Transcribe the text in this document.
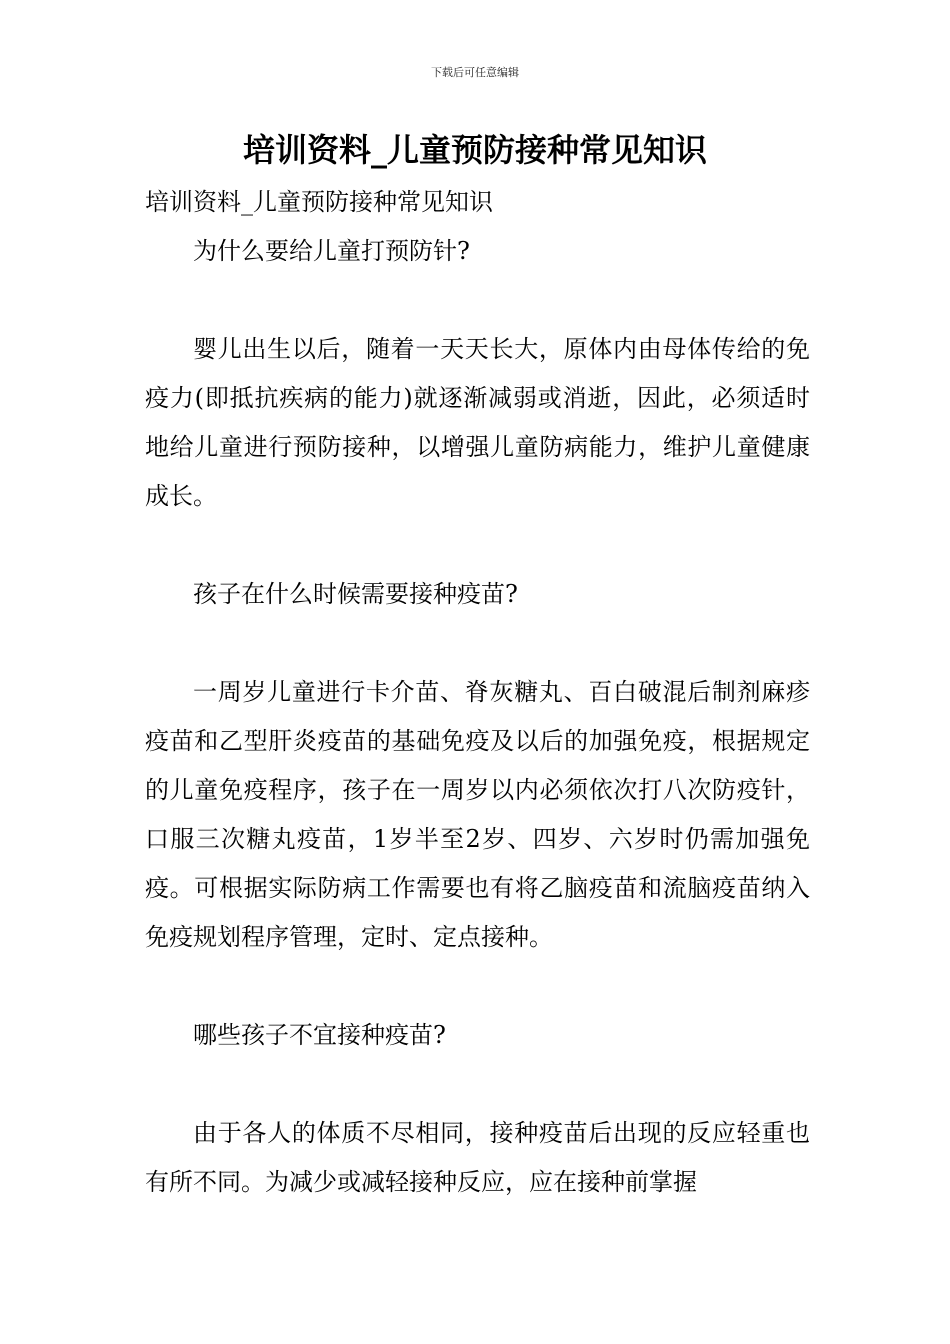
下载后可任意编辑
培训资料_儿童预防接种常见知识
培训资料_儿童预防接种常见知识
为什么要给儿童打预防针?
婴儿出生以后，随着一天天长大，原体内由母体传给的免疫力(即抵抗疾病的能力)就逐渐减弱或消逝，因此，必须适时地给儿童进行预防接种，以增强儿童防病能力，维护儿童健康成长。
孩子在什么时候需要接种疫苗?
一周岁儿童进行卡介苗、脊灰糖丸、百白破混后制剂麻疹疫苗和乙型肝炎疫苗的基础免疫及以后的加强免疫，根据规定的儿童免疫程序，孩子在一周岁以内必须依次打八次防疫针，口服三次糖丸疫苗，1岁半至2岁、四岁、六岁时仍需加强免疫。可根据实际防病工作需要也有将乙脑疫苗和流脑疫苗纳入免疫规划程序管理，定时、定点接种。
哪些孩子不宜接种疫苗?
由于各人的体质不尽相同，接种疫苗后出现的反应轻重也有所不同。为减少或减轻接种反应，应在接种前掌握
